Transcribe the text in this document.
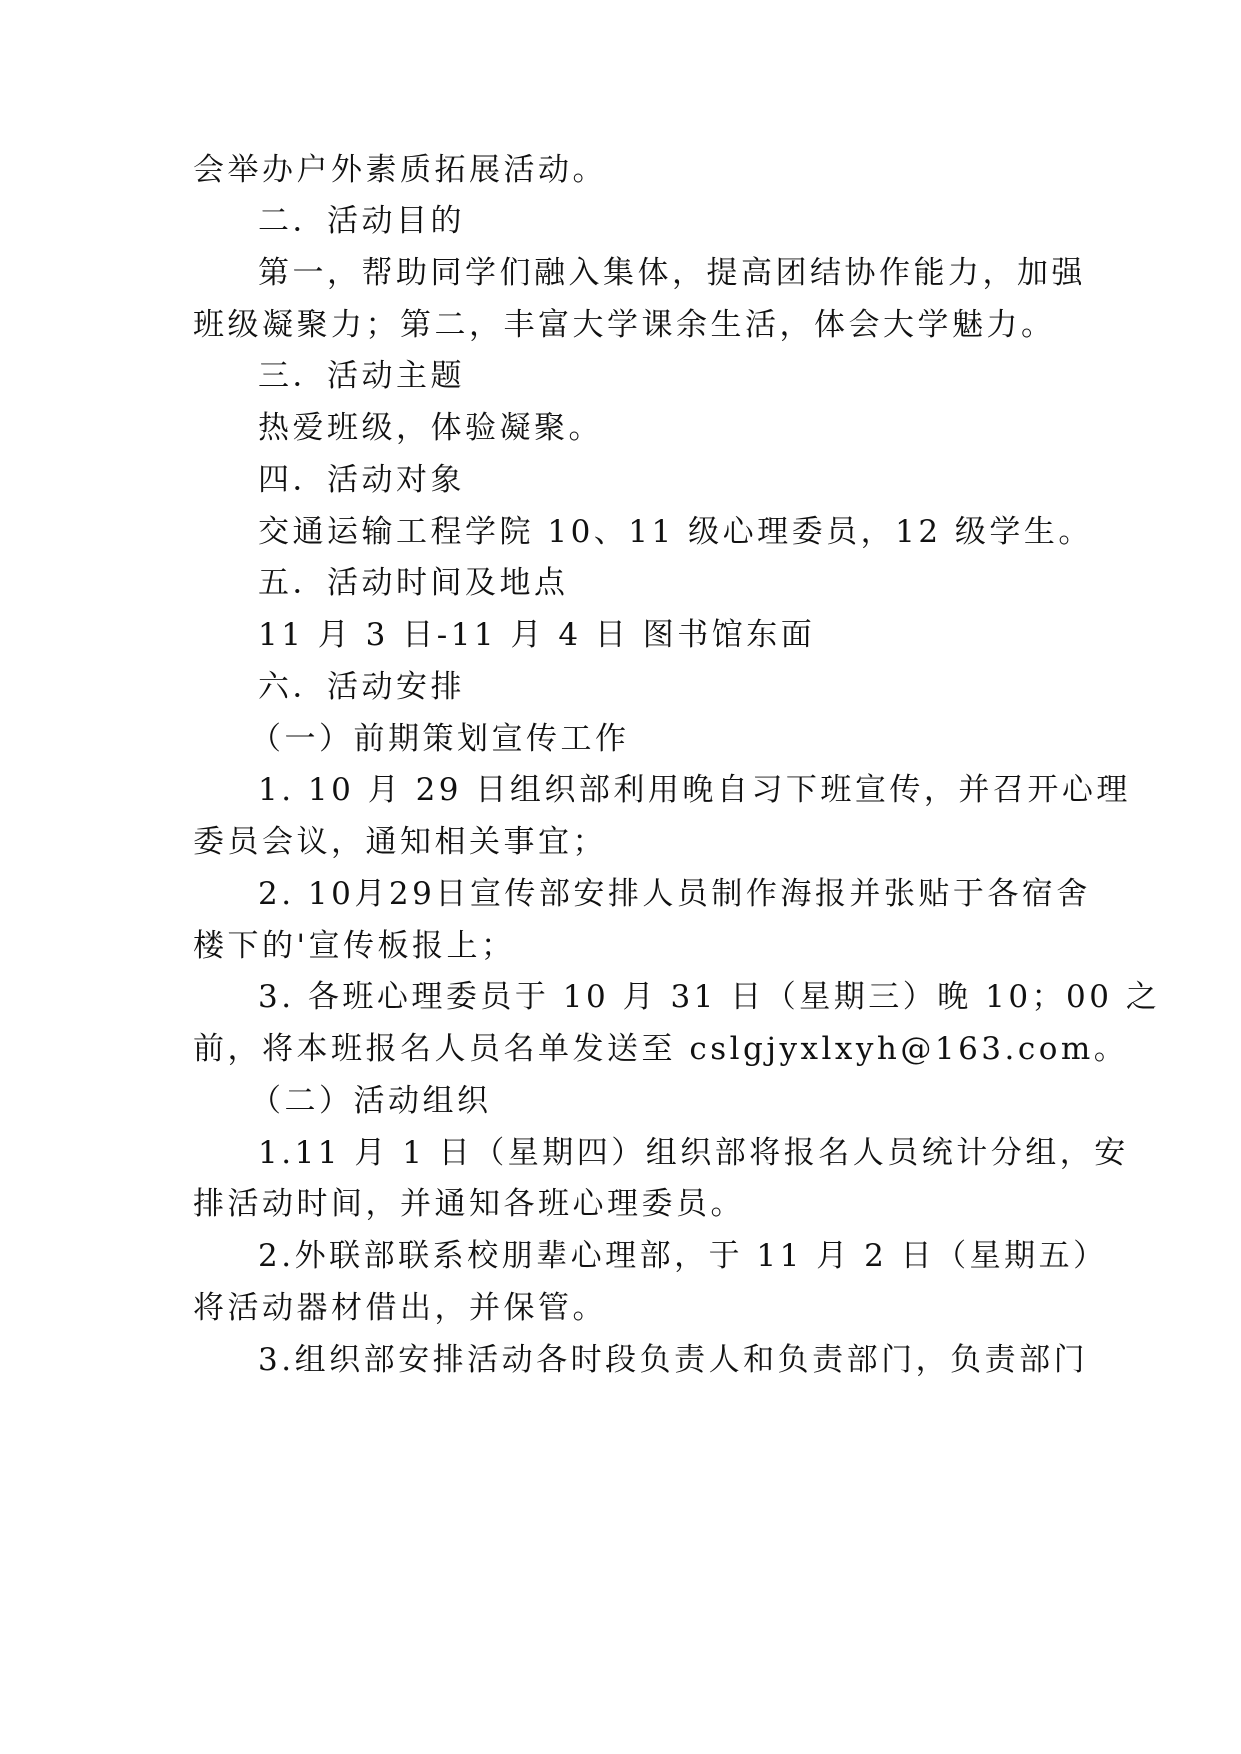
会举办户外素质拓展活动。
二．活动目的
第一，帮助同学们融入集体，提高团结协作能力，加强
班级凝聚力；第二，丰富大学课余生活，体会大学魅力。
三．活动主题
热爱班级，体验凝聚。
四．活动对象
交通运输工程学院 10、11 级心理委员，12 级学生。
五．活动时间及地点
11 月 3 日-11 月 4 日 图书馆东面
六．活动安排
（一）前期策划宣传工作
1. 10 月 29 日组织部利用晚自习下班宣传，并召开心理
委员会议，通知相关事宜；
2. 10月29日宣传部安排人员制作海报并张贴于各宿舍
楼下的'宣传板报上；
3. 各班心理委员于 10 月 31 日（星期三）晚 10；00 之
前，将本班报名人员名单发送至 cslgjyxlxyh@163.com。
（二）活动组织
1.11 月 1 日（星期四）组织部将报名人员统计分组，安
排活动时间，并通知各班心理委员。
2.外联部联系校朋辈心理部，于 11 月 2 日（星期五）
将活动器材借出，并保管。
3.组织部安排活动各时段负责人和负责部门，负责部门
